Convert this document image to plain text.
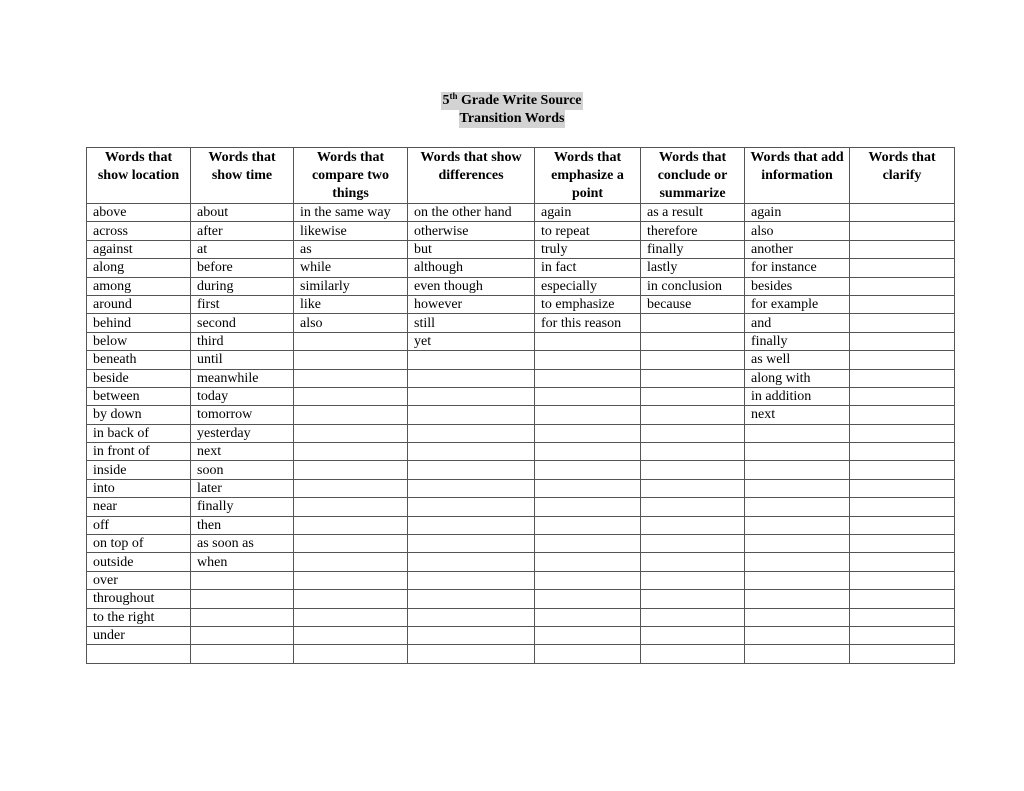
5th Grade Write Source
Transition Words
Words that show location	Words that show time	Words that compare two things	Words that show differences	Words that emphasize a point	Words that conclude or summarize	Words that add information	Words that clarify
above	about	in the same way	on the other hand	again	as a result	again	
across	after	likewise	otherwise	to repeat	therefore	also	
against	at	as	but	truly	finally	another	
along	before	while	although	in fact	lastly	for instance	
among	during	similarly	even though	especially	in conclusion	besides	
around	first	like	however	to emphasize	because	for example	
behind	second	also	still	for this reason		and	
below	third		yet			finally	
beneath	until					as well	
beside	meanwhile					along with	
between	today					in addition	
by down	tomorrow					next	
in back of	yesterday						
in front of	next						
inside	soon						
into	later						
near	finally						
off	then						
on top of	as soon as						
outside	when						
over							
throughout							
to the right							
under							
